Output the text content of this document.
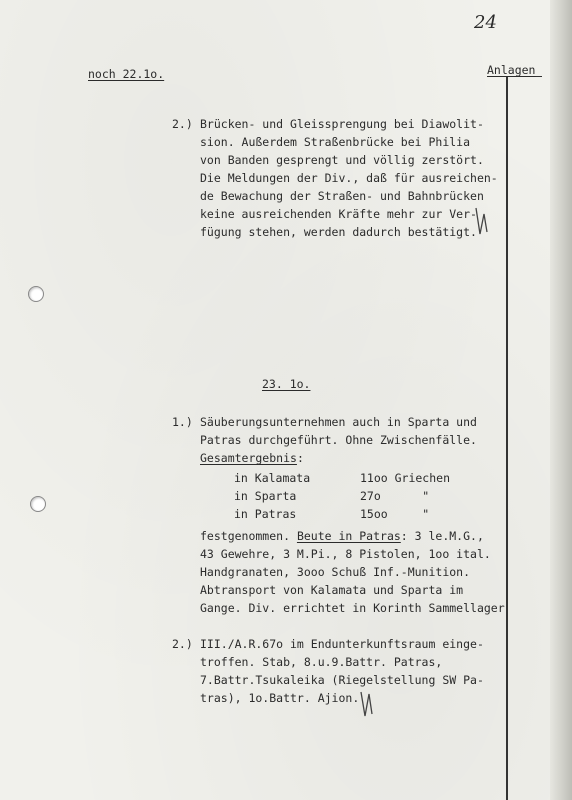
24
noch 22.1o.	Anlagen
2.) Brücken- und Gleissprengung bei Diawolit-
sion. Außerdem Straßenbrücke bei Philia
von Banden gesprengt und völlig zerstört.
Die Meldungen der Div., daß für ausreichen-
de Bewachung der Straßen- und Bahnbrücken
keine ausreichenden Kräfte mehr zur Ver-
fügung stehen, werden dadurch bestätigt.
23. 1o.
1.) Säuberungsunternehmen auch in Sparta und
Patras durchgeführt. Ohne Zwischenfälle.
Gesamtergebnis:
in Kalamata	11oo Griechen
in Sparta	27o      "
in Patras	15oo     "
festgenommen. Beute in Patras: 3 le.M.G.,
43 Gewehre, 3 M.Pi., 8 Pistolen, 1oo ital.
Handgranaten, 3ooo Schuß Inf.-Munition.
Abtransport von Kalamata und Sparta im
Gange. Div. errichtet in Korinth Sammellager
2.) III./A.R.67o im Endunterkunftsraum einge-
troffen. Stab, 8.u.9.Battr. Patras,
7.Battr.Tsukaleika (Riegelstellung SW Pa-
tras), 1o.Battr. Ajion.
